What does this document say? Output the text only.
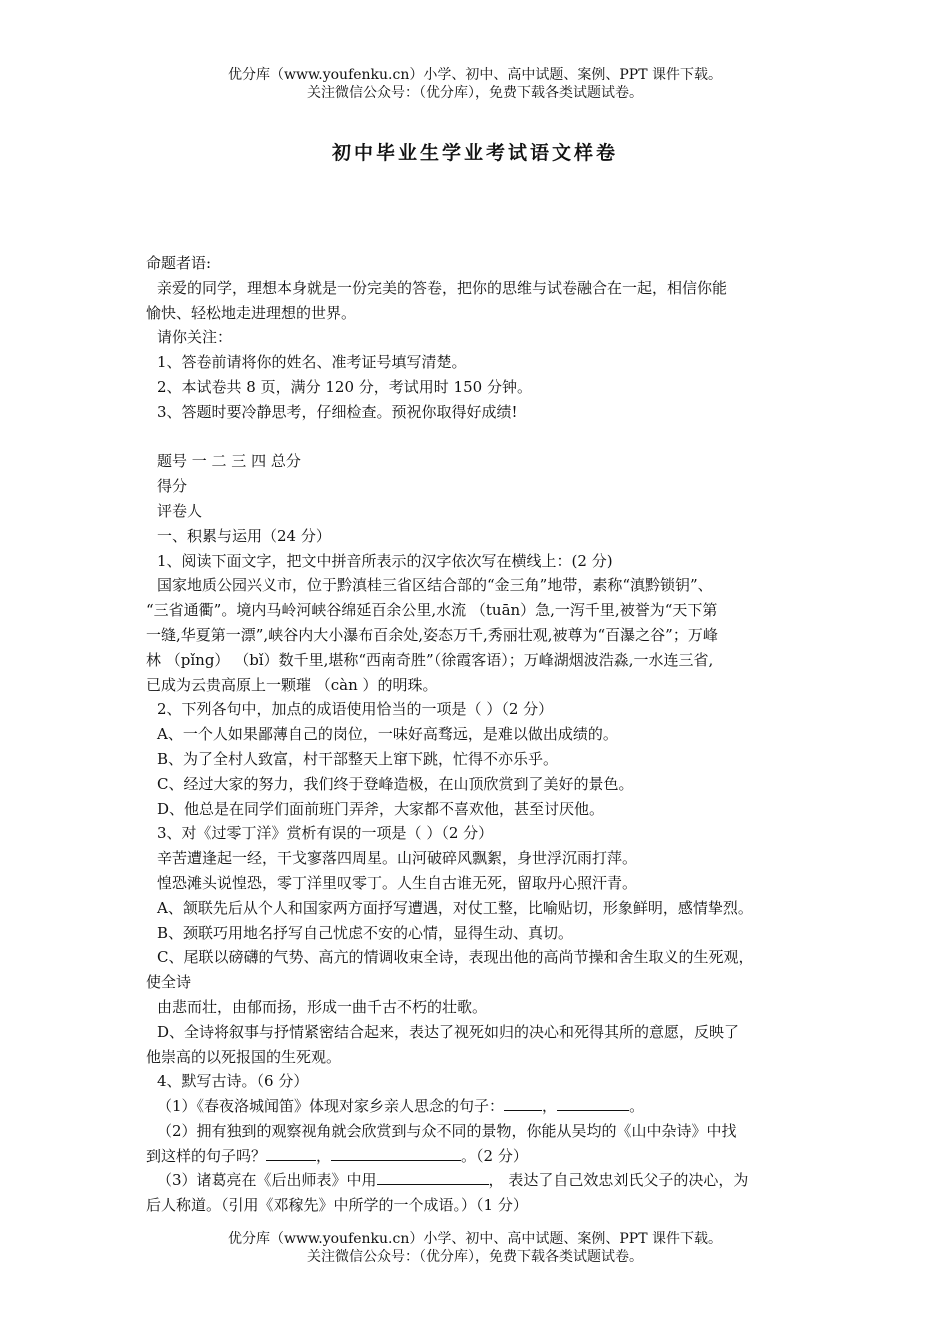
优分库（www.youfenku.cn）小学、初中、高中试题、案例、PPT 课件下载。
关注微信公众号：（优分库），免费下载各类试题试卷。
初中毕业生学业考试语文样卷

命题者语:

亲爱的同学，理想本身就是一份完美的答卷，把你的思维与试卷融合在一起，相信你能

愉快、轻松地走进理想的世界。

请你关注：

1、答卷前请将你的姓名、准考证号填写清楚。

2、本试卷共 8 页，满分 120 分，考试用时 150 分钟。

3、答题时要冷静思考，仔细检查。预祝你取得好成绩!

题号 一 二 三 四 总分

得分

评卷人

一、积累与运用（24 分）

1、阅读下面文字，把文中拼音所表示的汉字依次写在横线上：(2 分)

国家地质公园兴义市，位于黔滇桂三省区结合部的“金三角”地带，素称“滇黔锁钥”、

“三省通衢”。境内马岭河峡谷绵延百余公里,水流 （tuān）急,一泻千里,被誉为“天下第

一缝,华夏第一漂”,峡谷内大小瀑布百余处,姿态万千,秀丽壮观,被尊为“百瀑之谷”；万峰

林 （pǐng） （bǐ）数千里,堪称“西南奇胜”（徐霞客语）；万峰湖烟波浩淼,一水连三省,

已成为云贵高原上一颗璀 （càn ）的明珠。

2、下列各句中，加点的成语使用恰当的一项是（ ）（2 分）

A、一个人如果鄙薄自己的岗位，一味好高骛远，是难以做出成绩的。

B、为了全村人致富，村干部整天上窜下跳，忙得不亦乐乎。

C、经过大家的努力，我们终于登峰造极，在山顶欣赏到了美好的景色。

D、他总是在同学们面前班门弄斧，大家都不喜欢他，甚至讨厌他。

3、对《过零丁洋》赏析有误的一项是（ ）（2 分）

辛苦遭逢起一经，干戈寥落四周星。山河破碎风飘絮，身世浮沉雨打萍。

惶恐滩头说惶恐，零丁洋里叹零丁。人生自古谁无死，留取丹心照汗青。

A、颔联先后从个人和国家两方面抒写遭遇，对仗工整，比喻贴切，形象鲜明，感情挚烈。

B、颈联巧用地名抒写自己忧虑不安的心情，显得生动、真切。

C、尾联以磅礴的气势、高亢的情调收束全诗，表现出他的高尚节操和舍生取义的生死观，

使全诗

由悲而壮，由郁而扬，形成一曲千古不朽的壮歌。

D、全诗将叙事与抒情紧密结合起来，表达了视死如归的决心和死得其所的意愿，反映了

他崇高的以死报国的生死观。

4、默写古诗。（6 分）

（1）《春夜洛城闻笛》体现对家乡亲人思念的句子：	，	。

（2）拥有独到的观察视角就会欣赏到与众不同的景物，你能从吴均的《山中杂诗》中找

到这样的句子吗？	，	。（2 分）

（3）诸葛亮在《后出师表》中用	， 表达了自己效忠刘氏父子的决心，为

后人称道。（引用《邓稼先》中所学的一个成语。）（1 分）

优分库（www.youfenku.cn）小学、初中、高中试题、案例、PPT 课件下载。
关注微信公众号：（优分库），免费下载各类试题试卷。
